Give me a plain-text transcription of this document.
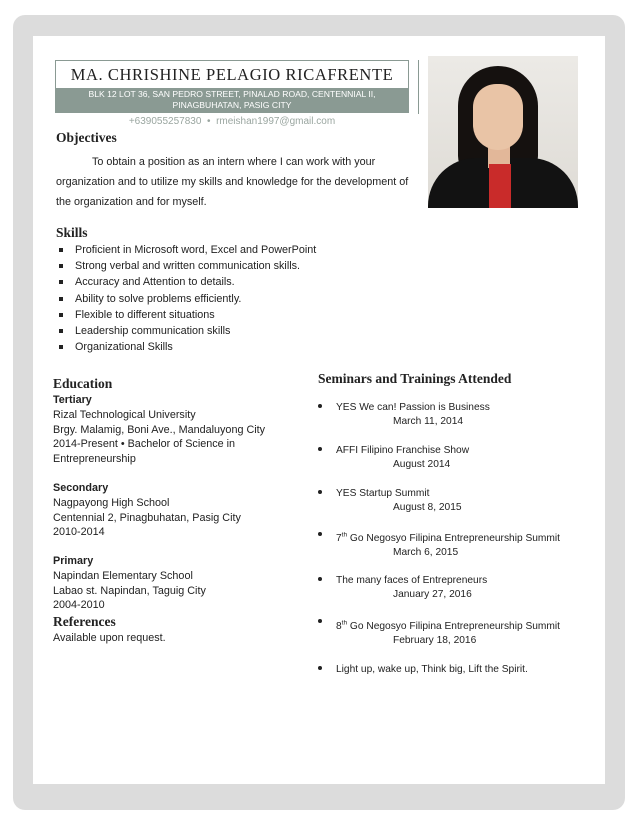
MA. CHRISHINE PELAGIO RICAFRENTE
BLK 12 LOT 36, SAN PEDRO STREET, PINALAD ROAD, CENTENNIAL II,
PINAGBUHATAN, PASIG CITY
+639055257830 • rmeishan1997@gmail.com
Objectives
To obtain a position as an intern where I can work with your organization and to utilize my skills and knowledge for the development of the organization and for myself.
Skills
Proficient in Microsoft word, Excel and PowerPoint
Strong verbal and written communication skills.
Accuracy and Attention to details.
Ability to solve problems efficiently.
Flexible to different situations
Leadership communication skills
Organizational Skills
Education
Tertiary
Rizal Technological University
Brgy. Malamig, Boni Ave., Mandaluyong City
2014-Present • Bachelor of Science in
Entrepreneurship
Secondary
Nagpayong High School
Centennial 2, Pinagbuhatan, Pasig City
2010-2014
Primary
Napindan Elementary School
Labao st. Napindan, Taguig City
2004-2010
References
Available upon request.
Seminars and Trainings Attended
YES We can! Passion is Business
March 11, 2014
AFFI Filipino Franchise Show
August 2014
YES Startup Summit
August 8, 2015
7th Go Negosyo Filipina Entrepreneurship Summit
March 6, 2015
The many faces of Entrepreneurs
January 27, 2016
8th Go Negosyo Filipina Entrepreneurship Summit
February 18, 2016
Light up, wake up, Think big, Lift the Spirit.
